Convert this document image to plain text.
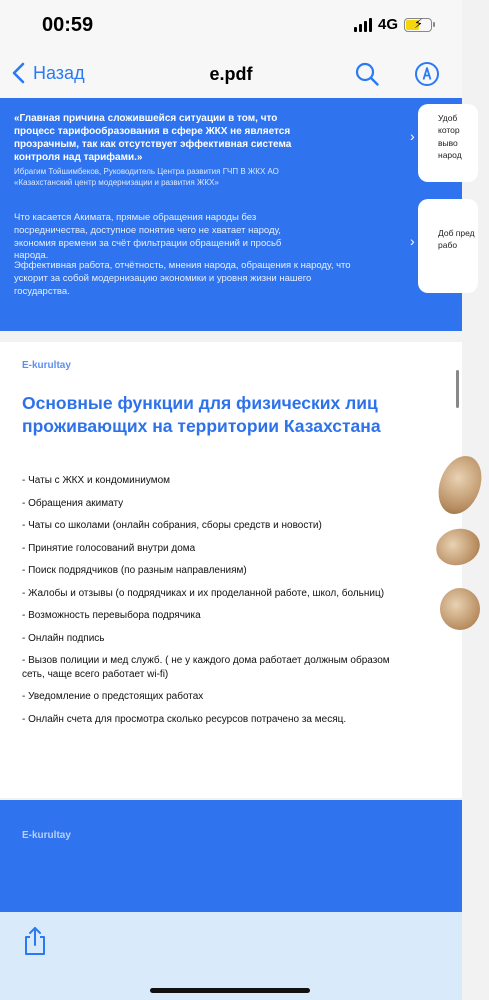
00:59	4G ⚡
Назад	e.pdf
«Главная причина сложившейся ситуации в том, что процесс тарифообразования в сфере ЖКХ не является прозрачным, так как отсутствует эффективная система контроля над тарифами.»
Ибрагим Тойшимбеков, Руководитель Центра развития ГЧП В ЖКХ АО «Казахстанский центр модернизации и развития ЖКХ»
Что касается Акимата, прямые обращения народы без посредничества, доступное понятие чего не хватает народу, экономия времени за счёт фильтрации обращений и просьб народа.
Эффективная работа, отчётность, мнения народа, обращения к народу, что ускорит за собой модернизацию экономики и уровня жизни нашего государства.
›
Удоб котор выво народ
›	Доб пред рабо
E-kurultay
Основные функции для физических лиц проживающих на территории Казахстана
- Чаты с ЖКХ и кондоминиумом
- Обращения акимату
- Чаты со школами (онлайн собрания, сборы средств и новости)
- Принятие голосований внутри дома
- Поиск подрядчиков (по разным направлениям)
- Жалобы и отзывы (о подрядчиках и их проделанной работе, школ, больниц)
- Возможность перевыбора подрячика
- Онлайн подпись
- Вызов полиции и мед служб. ( не у каждого дома работает должным образом сеть, чаще всего работает wi-fi)
- Уведомление о предстоящих работах
- Онлайн счета для просмотра сколько ресурсов потрачено за месяц.
E-kurultay
